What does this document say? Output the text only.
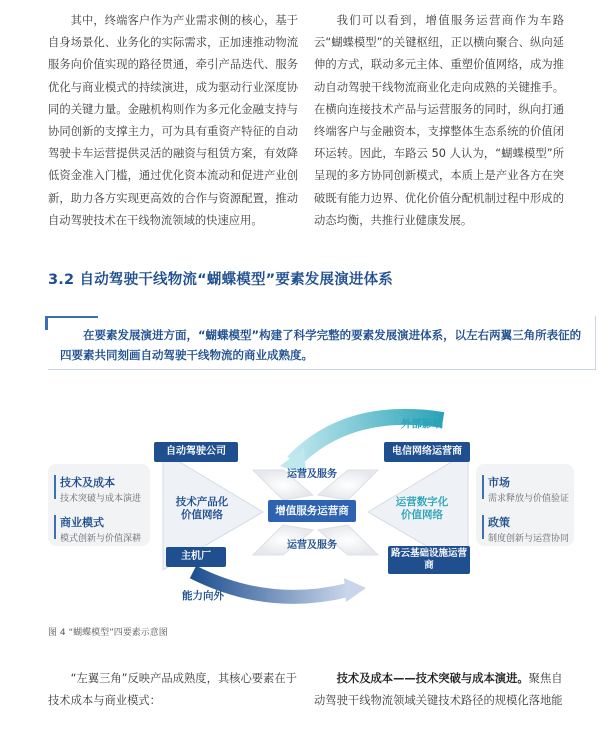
其中，终端客户作为产业需求侧的核心，基于自身场景化、业务化的实际需求，正加速推动物流服务向价值实现的路径贯通，牵引产品迭代、服务优化与商业模式的持续演进，成为驱动行业深度协同的关键力量。金融机构则作为多元化金融支持与协同创新的支撑主力，可为具有重资产特征的自动驾驶卡车运营提供灵活的融资与租赁方案，有效降低资金准入门槛，通过优化资本流动和促进产业创新，助力各方实现更高效的合作与资源配置，推动自动驾驶技术在干线物流领域的快速应用。

我们可以看到，增值服务运营商作为车路云“蝴蝶模型”的关键枢纽，正以横向聚合、纵向延伸的方式，联动多元主体、重塑价值网络，成为推动自动驾驶干线物流商业化走向成熟的关键推手。在横向连接技术产品与运营服务的同时，纵向打通终端客户与金融资本，支撑整体生态系统的价值闭环运转。因此，车路云 50 人认为，“蝴蝶模型”所呈现的多方协同创新模式，本质上是产业各方在突破既有能力边界、优化价值分配机制过程中形成的动态均衡，共推行业健康发展。

3.2 自动驾驶干线物流“蝴蝶模型”要素发展演进体系
在要素发展演进方面，“蝴蝶模型”构建了科学完整的要素发展演进体系，以左右两翼三角所表征的四要素共同刻画自动驾驶干线物流的商业成熟度。
技术及成本
技术突破与成本演进
商业模式
模式创新与价值深耕
市场
需求释放与价值验证
政策
制度创新与运营协同
自动驾驶公司
主机厂
电信网络运营商
路云基础设施运营商
增值服务运营商
运营及服务
运营及服务
技术产品化
价值网络
运营数字化
价值网络
外部影响
能力向外
图 4 “蝴蝶模型”四要素示意图

“左翼三角”反映产品成熟度，其核心要素在于技术成本与商业模式：

技术及成本——技术突破与成本演进。聚焦自动驾驶干线物流领域关键技术路径的规模化落地能
